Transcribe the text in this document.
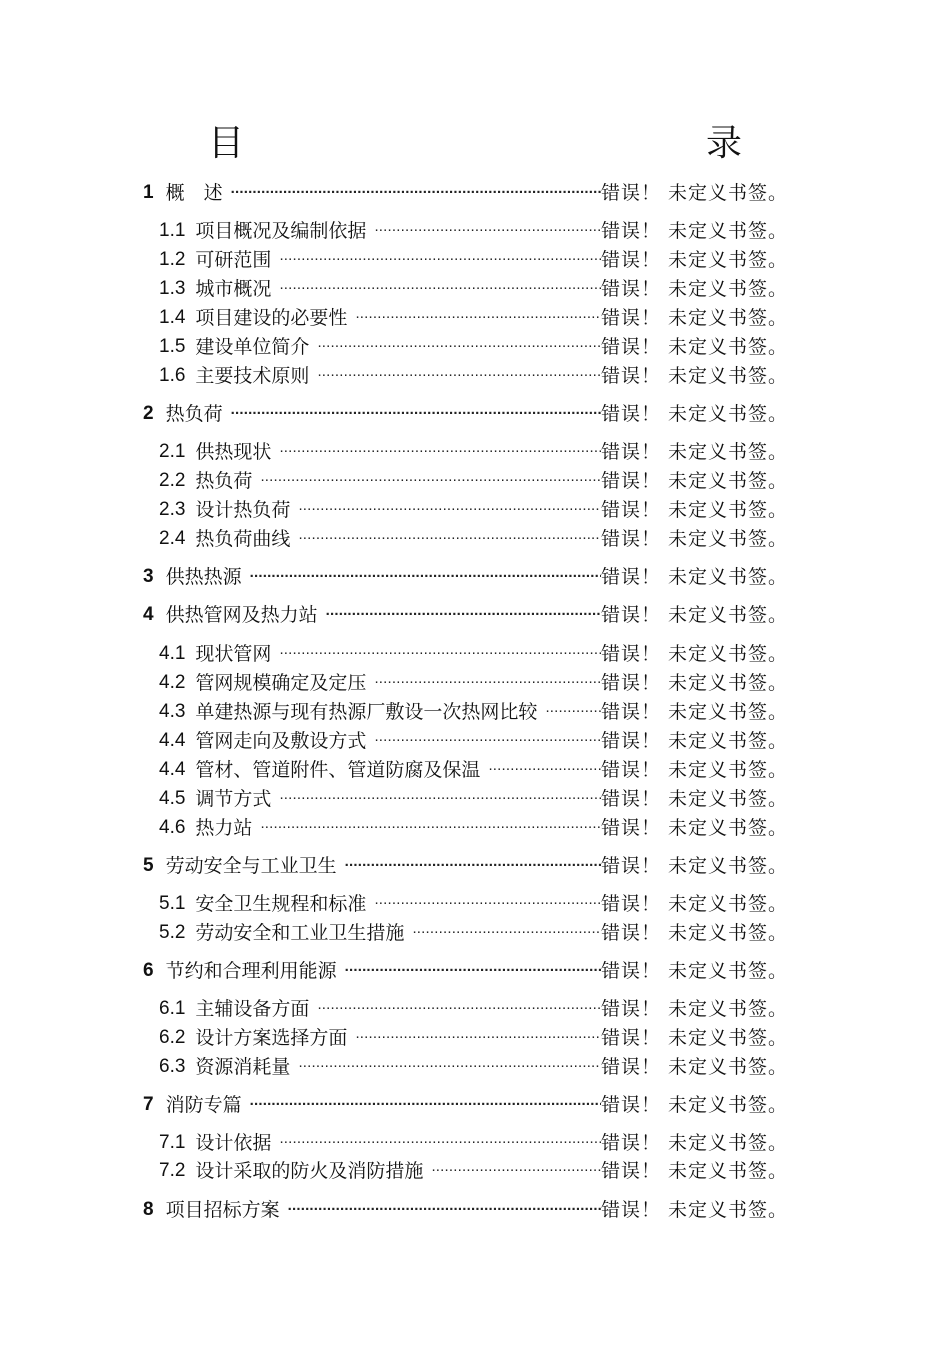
目　　录
1 概　述 .....	错误！ 未定义书签。
1.1 项目概况及编制依据 .....	错误！ 未定义书签。
1.2 可研范围 .....	错误！ 未定义书签。
1.3 城市概况 .....	错误！ 未定义书签。
1.4 项目建设的必要性 .....	错误！ 未定义书签。
1.5 建设单位简介 .....	错误！ 未定义书签。
1.6 主要技术原则 .....	错误！ 未定义书签。
2 热负荷 .....	错误！ 未定义书签。
2.1 供热现状 .....	错误！ 未定义书签。
2.2 热负荷 .....	错误！ 未定义书签。
2.3 设计热负荷 .....	错误！ 未定义书签。
2.4 热负荷曲线 .....	错误！ 未定义书签。
3 供热热源 .....	错误！ 未定义书签。
4 供热管网及热力站 .....	错误！ 未定义书签。
4.1 现状管网 .....	错误！ 未定义书签。
4.2 管网规模确定及定压 .....	错误！ 未定义书签。
4.3 单建热源与现有热源厂敷设一次热网比较 .....	错误！ 未定义书签。
4.4 管网走向及敷设方式 .....	错误！ 未定义书签。
4.4 管材、管道附件、管道防腐及保温 .....	错误！ 未定义书签。
4.5 调节方式 .....	错误！ 未定义书签。
4.6 热力站 .....	错误！ 未定义书签。
5 劳动安全与工业卫生 .....	错误！ 未定义书签。
5.1 安全卫生规程和标准 .....	错误！ 未定义书签。
5.2 劳动安全和工业卫生措施 .....	错误！ 未定义书签。
6 节约和合理利用能源 .....	错误！ 未定义书签。
6.1 主辅设备方面 .....	错误！ 未定义书签。
6.2 设计方案选择方面 .....	错误！ 未定义书签。
6.3 资源消耗量 .....	错误！ 未定义书签。
7 消防专篇 .....	错误！ 未定义书签。
7.1 设计依据 .....	错误！ 未定义书签。
7.2 设计采取的防火及消防措施 .....	错误！ 未定义书签。
8 项目招标方案 .....	错误！ 未定义书签。
